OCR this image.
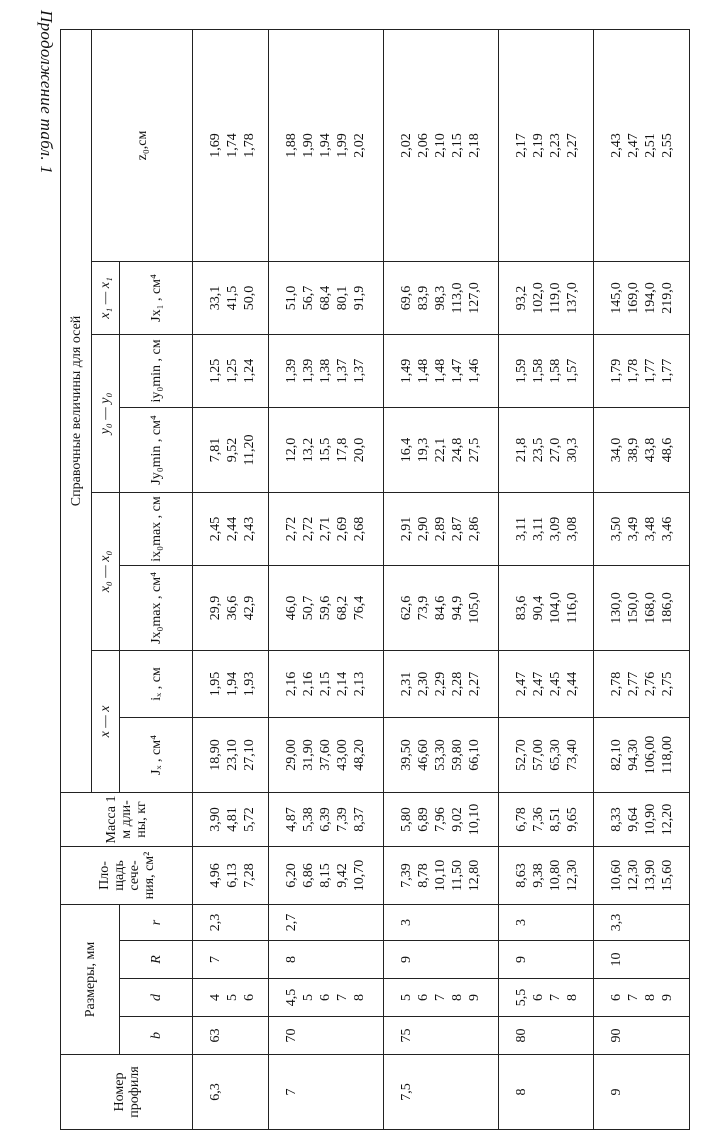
Продолжение табл. 1
Номер профиля	Размеры, мм				Пло-щадь сече-ния, см²	Масса 1 м дли-ны, кг	Справочные величины для осей							
							x — x		x₀ — x₀		y₀ — y₀		x₁ — x₁	z₀,см
	b	d	R	r			Jₓ , см⁴	iₓ , см	Jx₀max , см⁴	ix₀max , см	Jy₀min , см⁴	iy₀min , см	Jx₁ , см⁴	

6,3	63	4 5 6	7	2,3	4,96 6,13 7,28	3,90 4,81 5,72	18,90 23,10 27,10	1,95 1,94 1,93	29,9 36,6 42,9	2,45 2,44 2,43	7,81 9,52 11,20	1,25 1,25 1,24	33,1 41,5 50,0	1,69 1,74 1,78

7	70	4,5 5 6 7 8	8	2,7	6,20 6,86 8,15 9,42 10,70	4,87 5,38 6,39 7,39 8,37	29,00 31,90 37,60 43,00 48,20	2,16 2,16 2,15 2,14 2,13	46,0 50,7 59,6 68,2 76,4	2,72 2,72 2,71 2,69 2,68	12,0 13,2 15,5 17,8 20,0	1,39 1,39 1,38 1,37 1,37	51,0 56,7 68,4 80,1 91,9	1,88 1,90 1,94 1,99 2,02

7,5	75	5 6 7 8 9	9	3	7,39 8,78 10,10 11,50 12,80	5,80 6,89 7,96 9,02 10,10	39,50 46,60 53,30 59,80 66,10	2,31 2,30 2,29 2,28 2,27	62,6 73,9 84,6 94,9 105,0	2,91 2,90 2,89 2,87 2,86	16,4 19,3 22,1 24,8 27,5	1,49 1,48 1,48 1,47 1,46	69,6 83,9 98,3 113,0 127,0	2,02 2,06 2,10 2,15 2,18

8	80	5,5 6 7 8	9	3	8,63 9,38 10,80 12,30	6,78 7,36 8,51 9,65	52,70 57,00 65,30 73,40	2,47 2,47 2,45 2,44	83,6 90,4 104,0 116,0	3,11 3,11 3,09 3,08	21,8 23,5 27,0 30,3	1,59 1,58 1,58 1,57	93,2 102,0 119,0 137,0	2,17 2,19 2,23 2,27

9	90	6 7 8 9	10	3,3	10,60 12,30 13,90 15,60	8,33 9,64 10,90 12,20	82,10 94,30 106,00 118,00	2,78 2,77 2,76 2,75	130,0 150,0 168,0 186,0	3,50 3,49 3,48 3,46	34,0 38,9 43,8 48,6	1,79 1,78 1,77 1,77	145,0 169,0 194,0 219,0	2,43 2,47 2,51 2,55
